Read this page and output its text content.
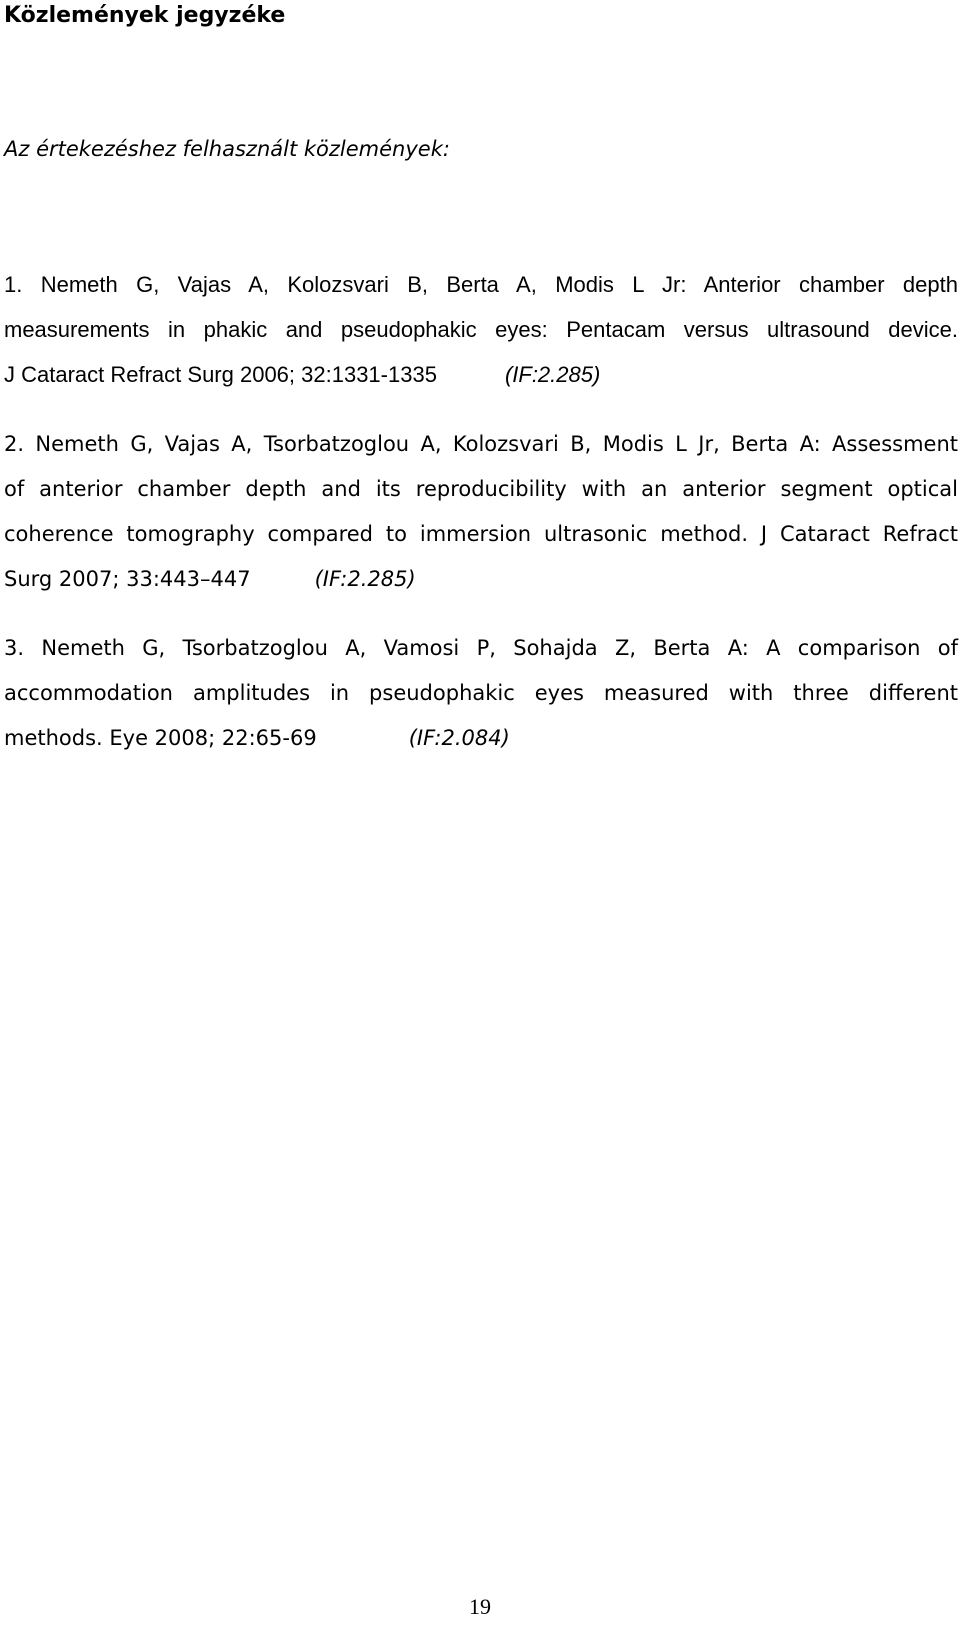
Közlemények jegyzéke
Az értekezéshez felhasznált közlemények:
1. Nemeth G, Vajas A, Kolozsvari B, Berta A, Modis L Jr: Anterior chamber depth
measurements in phakic and pseudophakic eyes: Pentacam versus ultrasound device.
J Cataract Refract Surg 2006; 32:1331-1335	(IF:2.285)
2. Nemeth G, Vajas A, Tsorbatzoglou A, Kolozsvari B, Modis L Jr, Berta A: Assessment
of anterior chamber depth and its reproducibility with an anterior segment optical
coherence tomography compared to immersion ultrasonic method. J Cataract Refract
Surg 2007; 33:443–447	(IF:2.285)
3. Nemeth G, Tsorbatzoglou A, Vamosi P, Sohajda Z, Berta A: A comparison of
accommodation amplitudes in pseudophakic eyes measured with three different
methods. Eye 2008; 22:65-69	(IF:2.084)
19
